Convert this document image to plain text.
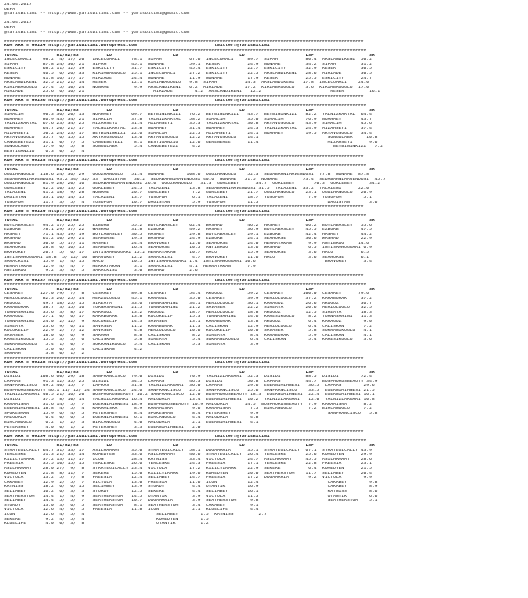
24.04.2017
UEFA
@YarisBilimi -- http://www.yarisbilimi.com -- yarisbilimi@gmail.com
24.04.2017
UEFA
@YarisBilimi -- http://www.yarisbilimi.com -- yarisbilimi@gmail.com
##################################################################################################################################
KUM ARA = 99224 http://yarisbilimi.wordpress.com                            twitter:@YarisBilimi
###################################################################################################################################
TOTAL              81/82/83          LD                      LD                      LD                      LSF                    SA
INCECUMALI    98.2  4/ 17/ 20   INCECUMALI    78.1  SIPAH          67.6  INCECUMALI     89.7  SIPAH          80.4  ARSLANDIKENI  50.2
SIPAH         87.8 24/ 30/ 21   SIPAH         45.1  NONAME         59.1  RESER          24.9  NONAME         34.2  SIPAH         31.2
ESKICITY      68.2 11/ 12/ 19   ESKICITY      31.7  ESKICITY       45.4  ESKICITY       22.7  ESKICITY       32.9  RESER         30.5
RESER         46.5  6/ 26/ 33   KIRIMBAGOGLU  25.1  INCECUMALI     27.2  ESKICITY       22.5  ARSLANDIKENI   28.6  MIRZADE       30.5
NONAME        41.8 16/ 17/ 17   MIRZADE       24.4  NONAME         11.9  NONAME         17.9  RESER          25.5  ESKICITY      24.7
ARSLANDIKENI  32.5 21/ 21/ 14   RESER         12.1  KIRIMBAGOGLU   9.8  SIPAH          14.3  ARSLANDIKENI   17.8  INCECUMALI    24.0
KIRIMBAGOGLU  27.4  5/ 10/ 24   NONAME         9.9  ARSLANDIKENI   6.2  MIRZADE        17.2  KIRIMBAGOGLU    3.6  KIRIMBAGOGLU  17.0
MIRZADE       25.6  6/ 16/ 21                         MIRZADE        4.2  ARSLANDIKENI   12.2                         RESER         16.1
##################################################################################################################################
KUM ARA = 99236 http://yarisbilimi.wordpress.com                            twitter:@YarisBilimi
###################################################################################################################################
TOTAL              81/82/83          LD                      LD                      LD                      LSF                    SA
SIMALIM       90.3 36/ 20/ 13   NOAHMEY       69.7  BEYBININKIZI   76.2  BEYBININKIZI   43.7  BEYBININKIZI   82.2  YALNIZKARTAL  64.4
NOAHMEY       86.9 43/ 34/ 21   SIMALIM       37.8  YALNIZKARTAL   58.2  SIMALIM        35.0  SIMALIM        76.9  NOAHMEY       43.7
YALNIZKARTAL  67.6 23/ 34/ 25   MIZAHSEYI     31.4  MIZAHSEYI      35.3  YALNIZKARTAL   30.8  AKYAVUSOGLU    43.9  SIMALIM       45.6
NOAHMEY       64.7 20/ 21/ 17   YALNIZKARTAL  23.8  NOAHMEY        31.4  NOAHMEY        24.3  YALNIZKARTAL   24.9  MIZAHSEYI     37.4
MIZAHSEYI     50.2 24/ 23/ 17   BEYBININKIZI  22.6  SIMALIM        22.5  MIZAHSEYI      24.1  NOAHMEY        19.5  AKYAVUSOGLU   34.4
AKYAVUSOGLU   35.7  6/ 15/ 15   AKYAVUSOGLU   13.0  AKYAVUSOGLU    12.2  AKYAVUSOGLU    14.1                         SONGULABA     10.8
CANGEBEYEZI   31.1  0/  7/  5   CANGEBEYEZI    8.1  BESTIGANZIU    12.6  GERENEREE      11.4                         MIZAHSEYI      9.6
SONGULABA     17.9  0/  5/  8   SONGULABA      5.4  CANGEBEYEZI     4.2                                                BEYBININKIZI   7.2
BESTIGANZIU    6.3  0/  2/  4
##################################################################################################################################
KUM ARA = 99225 http://yarisbilimi.wordpress.com                            twitter:@YarisBilimi
###################################################################################################################################
TOTAL              81/82/83          LD                      LD                      LD                      LSF                    SA
OGUZHANOGLU  118.6 24/ 36/ 29   OGUZHANOGLU   51.4  NONAME        108.6  OGUZHANOGLU    52.3  SEDABAHNIMAVENDUSI  77.8  NONAME  87.8
SEDABAHNIMAVENDUSI 93.2 34/ 32/ 33  DAGISTAN   36.2  SEDABAHNIMAVENDUSI 40.6  NONAME   51.5  NONAME         73.4  SEDABAHNIMAVENDUSI  45.7
OGUZHANOGLU   81.9 28/ 20/ 16   SEDABAHNIMAVENDUSI 26.0  OGUZHANOGLU   31.3  GURLEBEY      34.7  GURLEBEY       70.3  GURLEBEY      34.2
GURLEBEY      42.2 10/ 13/ 25   GURLEBEY      24.5  TALAZENI       13.8  SEDABAHNIMAVENDUSI 31.5  TALAZENI  33.2  TALAZENI      22.0
TALAZENI      41.2 18/  9/ 28   NONAME        20.7  GURLEBEY        7.2  GURLEBEY       21.7  OGUZHANOGLU    23.1  OGUZHANOGLU   20.9
DAGISTAN      33.1 10/ 14/ 15   TALAZENI      13.7  YUSUFUM         6.1  TALAZENI       18.7  YUSUFUM         7.9  YUSUFUM        5.1
YUSUFUM       11.7  3/  5/  4   YUSUFUM       10.7  DAGISTAN        5.9  YUSUFUM        11.5                         DAGISTAN       3.6
##################################################################################################################################
KUM ING = 99229 http://yarisbilimi.wordpress.com                            twitter:@YarisBilimi
###################################################################################################################################
TOTAL              81/82/83          LD                      LD                      LD                      LSF                    SA
BOYLABASLEY   94.2 17/ 25/ 25   EZBURB        55.2  BOYLABASLEY    62.4  WASHAD         46.2  HASMET         66.2  BOYLABASLEY   55.6
EZBURB        78.1 29/ 37/ 22   WASHAD        31.8  EZBURB         49.2  HASMET         36.9  BOYLABASLEY    45.5  EZBURB        47.5
HASMET        71.1 43/ 19/ 19   BOYLABASLEY   30.5  HASMET         29.8  BOYLABASLEY    29.1  EZBURB         42.4  HASMET        44.2
WASHAD        61.2 10/ 29/ 21   SEAHORSE      19.3  WASHAD         24.9  EZBURB         24.1  SEAHORSE       30.6  WASHAD        22.9
WASHAD        30.0  5/ 17/ 11   HASMET        24.4  BRAVOKEY       12.6  SEAHORSE       24.0  HERRATAKAN      9.9  ANTIBROG     14.6
SEAHORSE      28.8  6/ 16/ 15   SEAHORSE      16.4  SEAHORSE       10.5  ANTIBROG       13.6  WASHAD          6.5  INTISAMHOGGARI 6.9
BRAVOKEY      20.7  5/  6/ 17   INTISAMHOGGARI 15.2 HERRATAKAN     10.7  HACO           15.9  SEAHORSE        3.6  HACO          6.5
INTISAMHOGGARI 18.8  5/ 12/ 10  BRAVOKEY      12.2  SARACKISI       4.7  BRAVOKEY       11.6  HACO            3.6  SEAHORSE      6.1
SARACKISI     15.9  1/  4/ 15   HACO          10.5  INTISAMHOGGARI 1.4  INTISAMHOGGARI 10.6                         BRAVOKEY      3.4
HERRATAKAN    12.9  4/  4/  7   HERRATAKAN     3.1  SARACKISI      4.1  HERRATAKAN      7.9
ANTIBROG       9.2  3/  4/  5   SARACKISI      3.0  WASHAD         2.6
##################################################################################################################################
KUM ARA = 99237 http://yarisbilimi.wordpress.com                            twitter:@YarisBilimi
###################################################################################################################################
TOTAL              81/82/83          LD                      LD                      LD                      LSF                    SA
CESARET      127.0 79/  7/  8   CESARET       89.8  CESARET        54.4  AKOGUZ         59.2  CESARET       100.0  CESARET      79.6
MERZOLOGLU    82.3 26/ 25/ 14   MERZOLOGLU    45.1  KARAGOZ        35.0  CESARET        39.9  MERZOLOGLU     37.2  KARABURAK     37.2
AKOGUZ        49.7 18/ 25/ 15   SIREAYA       33.6  TURNASAHINI    34.1  MERZOLOGLU     36.1  KARAGOZ        26.6  AKOGUZ        36.7
KARABURAK     38.7  3/ 15/ 16   TURNASAHINI   21.5  TURNASAHINI    21.2  SAVASER        22.2  SIREAYA        20.6  MERZOLOGLU    32.5
TURNASAHINI   35.6  3/  8/ 17   KARAGOZ       13.2  AKOGUZ         18.7  MERZOLOGLU     18.8  AKOGUZ         12.5  SIREAYA       18.3
KARAGOZ       27.1  0/  6/ 17   KARABURAK     13.8  KUCUKELIF      15.3  TURNASAHINI    14.6  KARESIKUGLU     8.2  TURNASAHINI   11.3
TURNASAHINI   24.0  2/ 12/  9   KUCUKELIF     14.3  SAVASER        13.1  KARABURAK      13.8  AKOGUZ          6.4  KARAGOZ        9.0
SIREAYA       23.6  9/  6/ 11   SAVASER       11.2  KARABURAK      11.3  CALISKAN       12.9  MERZOLOGLU      6.4  CALISKAN       7.2
KUCUKELIF     22.9  2/  7/ 12   SAVASER        4.8  MERZOLOGLU     10.6  KUCUKELIF      10.0  SAVASER         5.8  SUKRANIKOGLU   4.1
SAVASER       18.0  6/  6/  9   SARMAH         8.8  CALISKAN        8.2  SIREAYA         8.4  KARABURAK       5.9  CALISKAN       4.1
KARESIKUGLU   15.5  3/  5/  6   CALISKAN       5.8  SIREAYA         5.4  SUKRANIKOGLU    6.4  CALISKAN        5.4  KARESIKUGLU    3.6
SUKRANIKOGLU   5.4  1/  0/  7   SUKRANIKOGLU   5.4  CALISKAN        5.3  SIREAYA         3.9
CALISKAN       5.0  0/  3/  4   CALISKAN       4.2
SARMAH         3.8  0/  1/  2
##################################################################################################################################
KUM ARA = 99228 http://yarisbilimi.wordpress.com                            twitter:@YarisBilimi
###################################################################################################################################
TOTAL              81/82/83          LD                      LD                      LD                      LSF                    SA
DISIDI       108.6 60/ 29/ 18   SANFRANCISCO  79.0  DISIDI         70.9  YALNIZLARGARI  52.3  DISIDI         88.5  DISIDI        72.4
LAPRAS        91.3 12/ 35/ 25   DISIDI        34.5  LAPRAS         46.3  DISIDI         50.8  LAPRAS         44.7  BOSPHORUSBEAUTY 34.9
SANFRANCISCO  49.2 40/ 15/  7   LAPRAS        31.8  YALNIZLARGARI  36.0  LAPRAS         29.6  EGERNIMIHNESI   36.5  LAPRAS        29.6
BOSPHORUSBEAUTY 46.1 11/ 12/ 24 SANFRANCISCO  24.6  SANFRANCISCO   25.1  SANFRANCISCO   25.6  SANFRANCISCO    33.5  EGERNIMIHNESI 21.5
YALNIZLARGARI 40.5 21/ 16/ 20   BOSPHORUSBEAUTY 16.2 SANFRANCISCO  12.0  BOSPHORUSBEAUTY 18.3  EGERNIMIHNESI  22.4  EGERNIMIHNESI 16.1
DISIDI        37.5  8/ 10/ 14   YALNIZLARGARI 16.4  AMIGDALA       13.4  EGERNIMIHNESI  10.2  YALNIZLARGARI   12.0  YALNIZLARGARI 10.8
KARAMISRA     31.6 14/  5/  7   EGERNIMIHNESI 18.9  BOSPHORUSBEAUTY 10.9 AMIGDALA      14.5  BOSPHORUSBEAUTY  7.9  KARAMISRA      8.2
EGERNIMIHNESI 18.8  4/  5/  4   KARAMISRA      8.9  KARAMISRA       9.6  KARAMISRA       7.5  BIRCANOGLU      7.2  BIRCANOGLU     7.2
SPOKESMAN     15.9  6/  4/  5   PETERSHEY      8.4  SPOKESMAN       8.4  PETERSHEY       9.9                         SANFRANCISCO   5.8
AMIGDALA       6.4  0/  6/  5   EGERNIMIHNESI  6.1  BIRCANOGLU      4.4  AMIGDALA        4.8
BIRCANOGLU     6.2  1/  2/  3   BIRCANOGLU     4.0  AMIGDALA        2.1  EGERNIMIHNESI   4.1
PETERSHEY      4.0  0/  1/  2   PETERSHEY      3.3  EGERNIMIHNESI   2.0
##################################################################################################################################
KUM ARA = 99234 http://yarisbilimi.wordpress.com                            twitter:@YarisBilimi
###################################################################################################################################
TOTAL              81/82/83          LD                      LD                      LD                      LSF                    SA
STRATEGICALLY 64.7 31/ 33/ 17   ASILHAMAMT    35.0  STRATEGICALLY  58.1  DOGAMARIA      35.1  STRATEGICALLY  67.1  STRATEGICALLY 43.9
YERLESKE      51.3 21/ 33/ 14   KOMEDYEN      33.6  ASILHAMAMT     40.6  STRATEGICALLY  26.4  YERLESKE       25.6  KOMEDYEN      29.9
KIZILYIRMAK   37.2 13/ 11/ 17   ICON          28.4  KATNISS        33.4  VICTOLA        24.7  ASILHAMAMT     45.5  ASILHAMAMT    28.6
FREESIA       35.5 10/ 15/ 15   YERLESKE      26.6  YERLESKE       24.3  FREESIA        17.1  YERLESKE       22.8  FREESIA       23.1
ASILHAMAMT    28.0 27/  9/  8   STRATEGICALLY 23.4  VICTOLA        17.2  KIZILYIRMAK    22.9  SEKERE          6.4  KOMEDYEN      21.5
KOMEDYEN      21.8  8/ 11/  7   SEKERE        15.0  KIZILYIRMAK    19.6  KOMEDYEN       20.0  SEATHERSTOM    11.7  SELIMBEY      20.4
VICTOLA       13.2  5/  7/  8   FREESIA       12.4  SELIMBEY       14.7  FREESIA        17.2  DOGAMARIA       9.2  VICTOLA        9.9
CAKABEY       12.9  2/  5/  7   VICTOLA       13.0  FREESIA        11.6  ICON           12.4                         CAKABEY        9.8
KATNISS       18.2  6/  6/ 15   SELIMBEY      13.9  STURDY          4.4  OTANTIK        16.9                         CAKABEY        8.9
SELIMBEY      16.2  6/  3/  3   STURDY        12.5  SEKERE          4.4  SELIMBEY       16.1                         KATNISS        8.6
SEATHERSTOM   14.4  1/  4/  9   SEATHERSTOM   14.5  OTANTIK         3.9  VICTOLA        11.5                         OTANTIK        6.6
SELIMBEY      14.4  5/  5/  7   SEATHERSTOM   10.7  DOGAMARIA       3.9  SEATHERSTOM     9.8                         SEATHERSTOM    5.1
STURDY        13.0  3/  6/  5   SEATHERSTOM    8.1  SEATHERSTOM     3.4  CAKABEY         9.1
VICTOLA       12.6  4/  6/  5   FREESIA       11.8  ICON            2.1  KLUELIFE        4.4
ICON          12.6  4/  5/  4                          SELIMBEY        1.5  KATNISS         2.7
SEKERE         9.2  4/  5/  4                          KOMEDYEN        1.5
KLUELIFE       4.0  0/  3/  8                          OTANTIK         1.2
